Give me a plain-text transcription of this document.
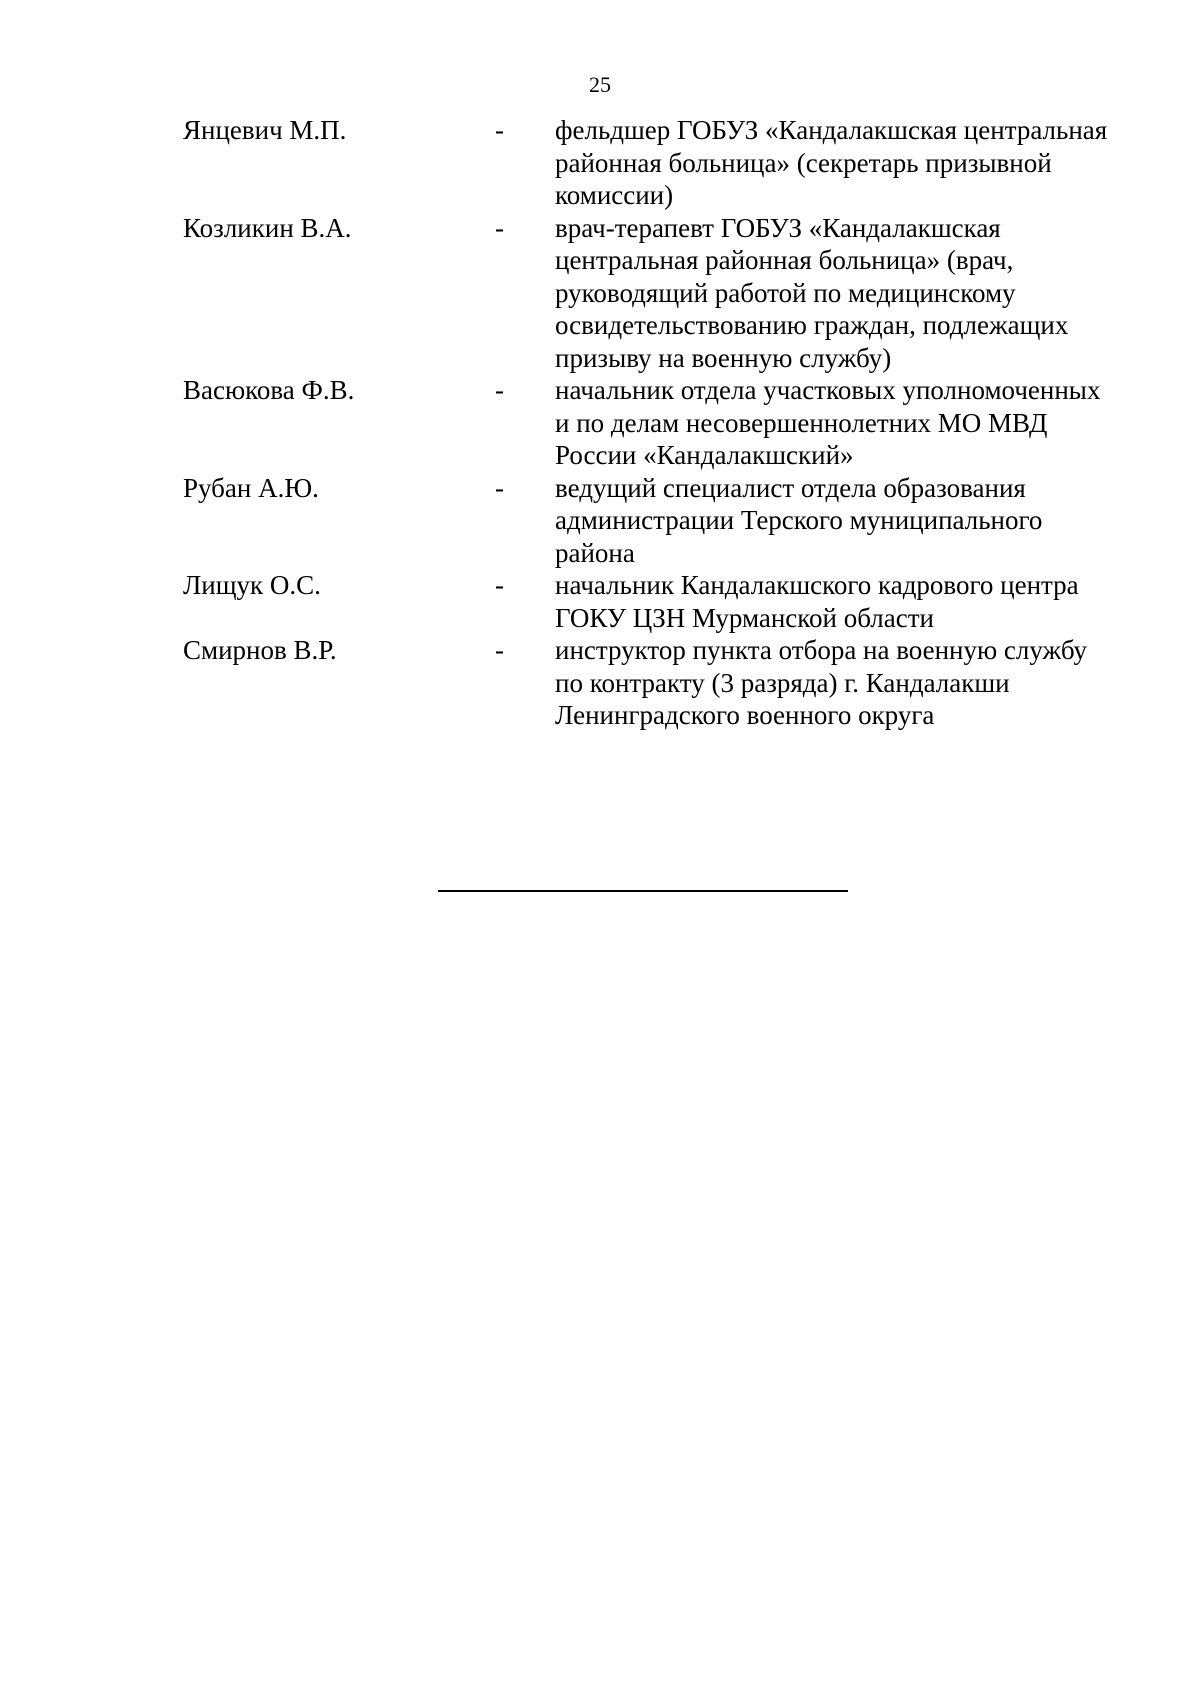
25
Янцевич М.П.	-	фельдшер ГОБУЗ «Кандалакшская центральная
районная больница» (секретарь призывной
комиссии)
Козликин В.А.	-	врач-терапевт ГОБУЗ «Кандалакшская
центральная районная больница» (врач,
руководящий работой по медицинскому
освидетельствованию граждан, подлежащих
призыву на военную службу)
Васюкова Ф.В.	-	начальник отдела участковых уполномоченных
и по делам несовершеннолетних МО МВД
России «Кандалакшский»
Рубан А.Ю.	-	ведущий специалист отдела образования
администрации Терского муниципального
района
Лищук О.С.	-	начальник Кандалакшского кадрового центра
ГОКУ ЦЗН Мурманской области
Смирнов В.Р.	-	инструктор пункта отбора на военную службу
по контракту (3 разряда) г. Кандалакши
Ленинградского военного округа
